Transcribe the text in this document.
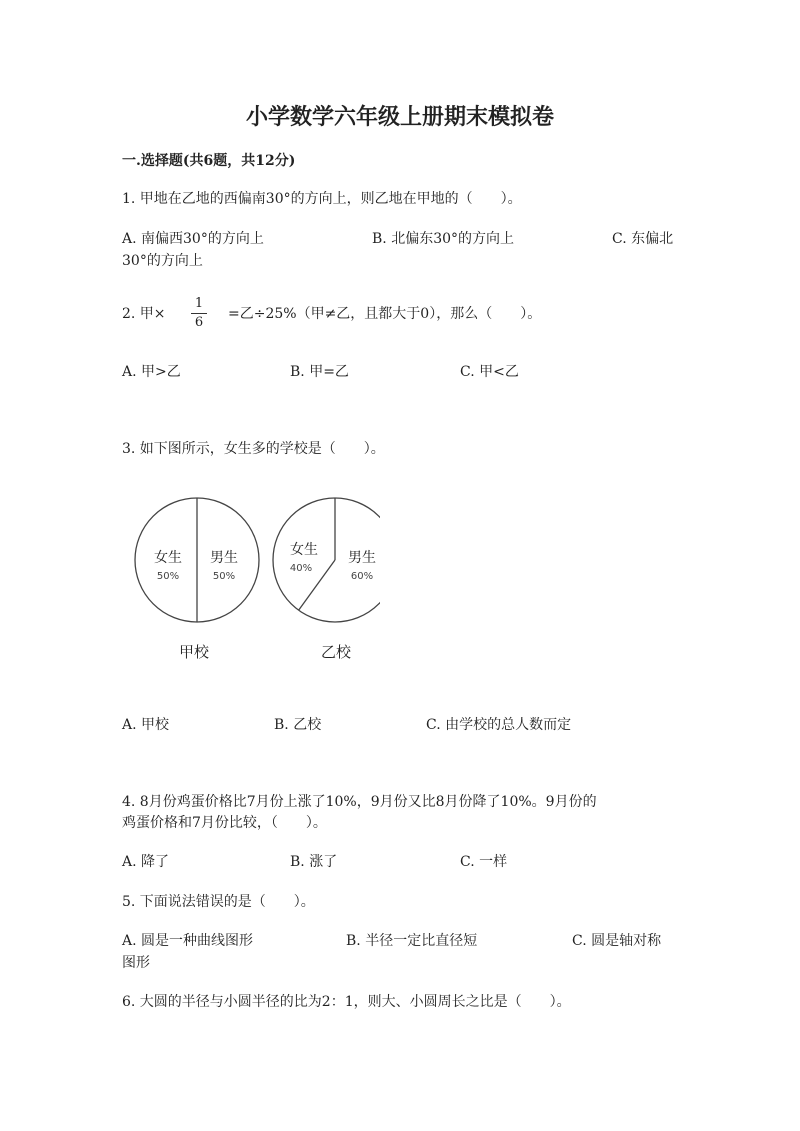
小学数学六年级上册期末模拟卷
一.选择题(共6题，共12分)
1. 甲地在乙地的西偏南30°的方向上，则乙地在甲地的（　　）。
A. 南偏西30°的方向上	B. 北偏东30°的方向上	C. 东偏北
30°的方向上
2. 甲×
1
6
=乙÷25%（甲≠乙，且都大于0），那么（　　）。
A. 甲>乙	B. 甲=乙	C. 甲<乙
3. 如下图所示，女生多的学校是（　　）。
女生
50%
男生
50%
甲校
女生
40%
男生
60%
乙校
A. 甲校	B. 乙校	C. 由学校的总人数而定
4. 8月份鸡蛋价格比7月份上涨了10%，9月份又比8月份降了10%。9月份的
鸡蛋价格和7月份比较，（　　）。
A. 降了	B. 涨了	C. 一样
5. 下面说法错误的是（　　）。
A. 圆是一种曲线图形	B. 半径一定比直径短	C. 圆是轴对称
图形
6. 大圆的半径与小圆半径的比为2：1，则大、小圆周长之比是（　　）。
